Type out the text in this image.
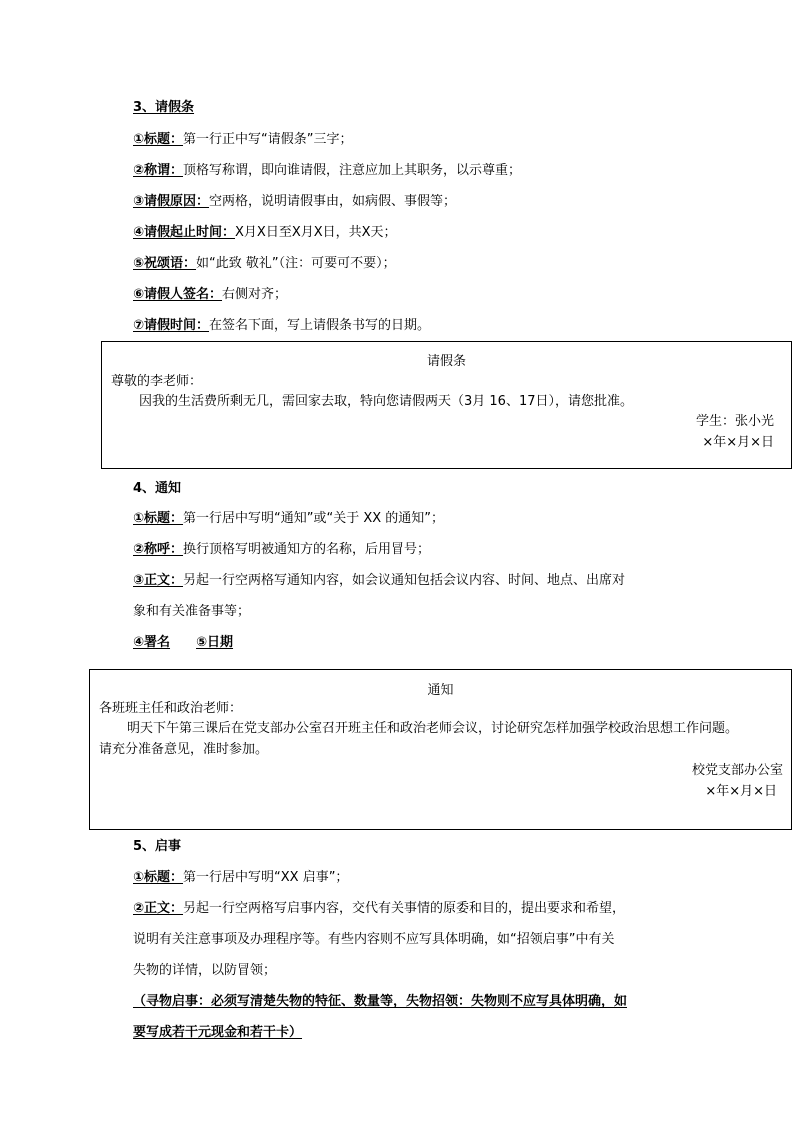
3、请假条
①标题：第一行正中写“请假条”三字；
②称谓：顶格写称谓，即向谁请假，注意应加上其职务，以示尊重；
③请假原因：空两格，说明请假事由，如病假、事假等；
④请假起止时间：X月X日至X月X日，共X天；
⑤祝颂语：如“此致 敬礼”（注：可要可不要）；
⑥请假人签名：右侧对齐；
⑦请假时间：在签名下面，写上请假条书写的日期。
请假条
尊敬的李老师：
因我的生活费所剩无几，需回家去取，特向您请假两天（3月 16、17日），请您批准。
学生：张小光
×年×月×日
4、通知
①标题：第一行居中写明“通知”或“关于 XX 的通知”；
②称呼：换行顶格写明被通知方的名称，后用冒号；
③正文：另起一行空两格写通知内容，如会议通知包括会议内容、时间、地点、出席对
象和有关准备事等；
④署名 ⑤日期
通知
各班班主任和政治老师：
明天下午第三课后在党支部办公室召开班主任和政治老师会议，讨论研究怎样加强学校政治思想工作问题。
请充分准备意见，准时参加。
校党支部办公室
×年×月×日
5、启事
①标题：第一行居中写明“XX 启事”；
②正文：另起一行空两格写启事内容，交代有关事情的原委和目的，提出要求和希望，
说明有关注意事项及办理程序等。有些内容则不应写具体明确，如“招领启事”中有关
失物的详情，以防冒领；
（寻物启事：必须写清楚失物的特征、数量等，失物招领：失物则不应写具体明确，如
要写成若干元现金和若干卡）
